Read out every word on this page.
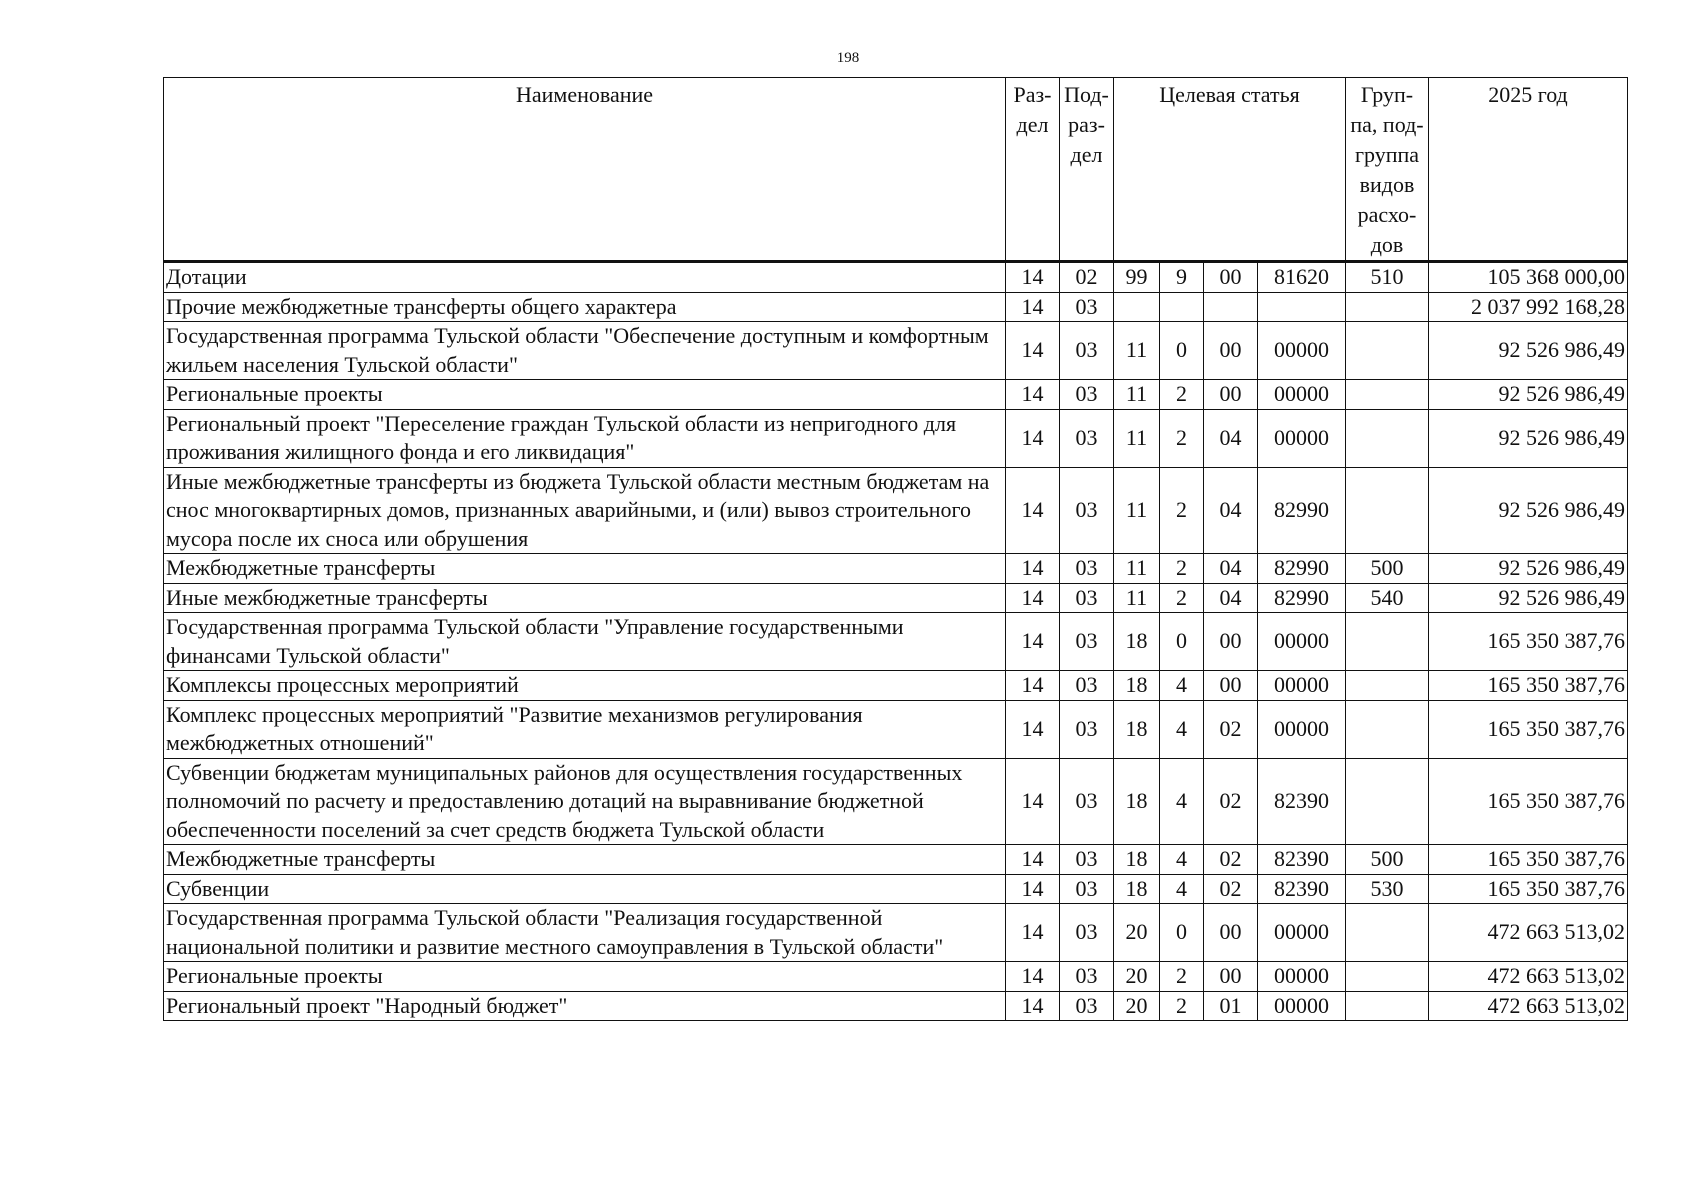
198
Наименование	Раз-дел	Под-раз-дел	Целевая статья				Груп-па, под-группа видов расхо-дов	2025 год
Дотации	14	02	99	9	00	81620	510	105 368 000,00
Прочие межбюджетные трансферты общего характера	14	03						2 037 992 168,28
Государственная программа Тульской области "Обеспечение доступным и комфортным жильем населения Тульской области"	14	03	11	0	00	00000		92 526 986,49
Региональные проекты	14	03	11	2	00	00000		92 526 986,49
Региональный проект "Переселение граждан Тульской области из непригодного для проживания жилищного фонда и его ликвидация"	14	03	11	2	04	00000		92 526 986,49
Иные межбюджетные трансферты из бюджета Тульской области местным бюджетам на снос многоквартирных домов, признанных аварийными, и (или) вывоз строительного мусора после их сноса или обрушения	14	03	11	2	04	82990		92 526 986,49
Межбюджетные трансферты	14	03	11	2	04	82990	500	92 526 986,49
Иные межбюджетные трансферты	14	03	11	2	04	82990	540	92 526 986,49
Государственная программа Тульской области "Управление государственными финансами Тульской области"	14	03	18	0	00	00000		165 350 387,76
Комплексы процессных мероприятий	14	03	18	4	00	00000		165 350 387,76
Комплекс процессных мероприятий "Развитие механизмов регулирования межбюджетных отношений"	14	03	18	4	02	00000		165 350 387,76
Субвенции бюджетам муниципальных районов для осуществления государственных полномочий по расчету и предоставлению дотаций на выравнивание бюджетной обеспеченности поселений за счет средств бюджета Тульской области	14	03	18	4	02	82390		165 350 387,76
Межбюджетные трансферты	14	03	18	4	02	82390	500	165 350 387,76
Субвенции	14	03	18	4	02	82390	530	165 350 387,76
Государственная программа Тульской области "Реализация государственной национальной политики и развитие местного самоуправления в Тульской области"	14	03	20	0	00	00000		472 663 513,02
Региональные проекты	14	03	20	2	00	00000		472 663 513,02
Региональный проект "Народный бюджет"	14	03	20	2	01	00000		472 663 513,02
